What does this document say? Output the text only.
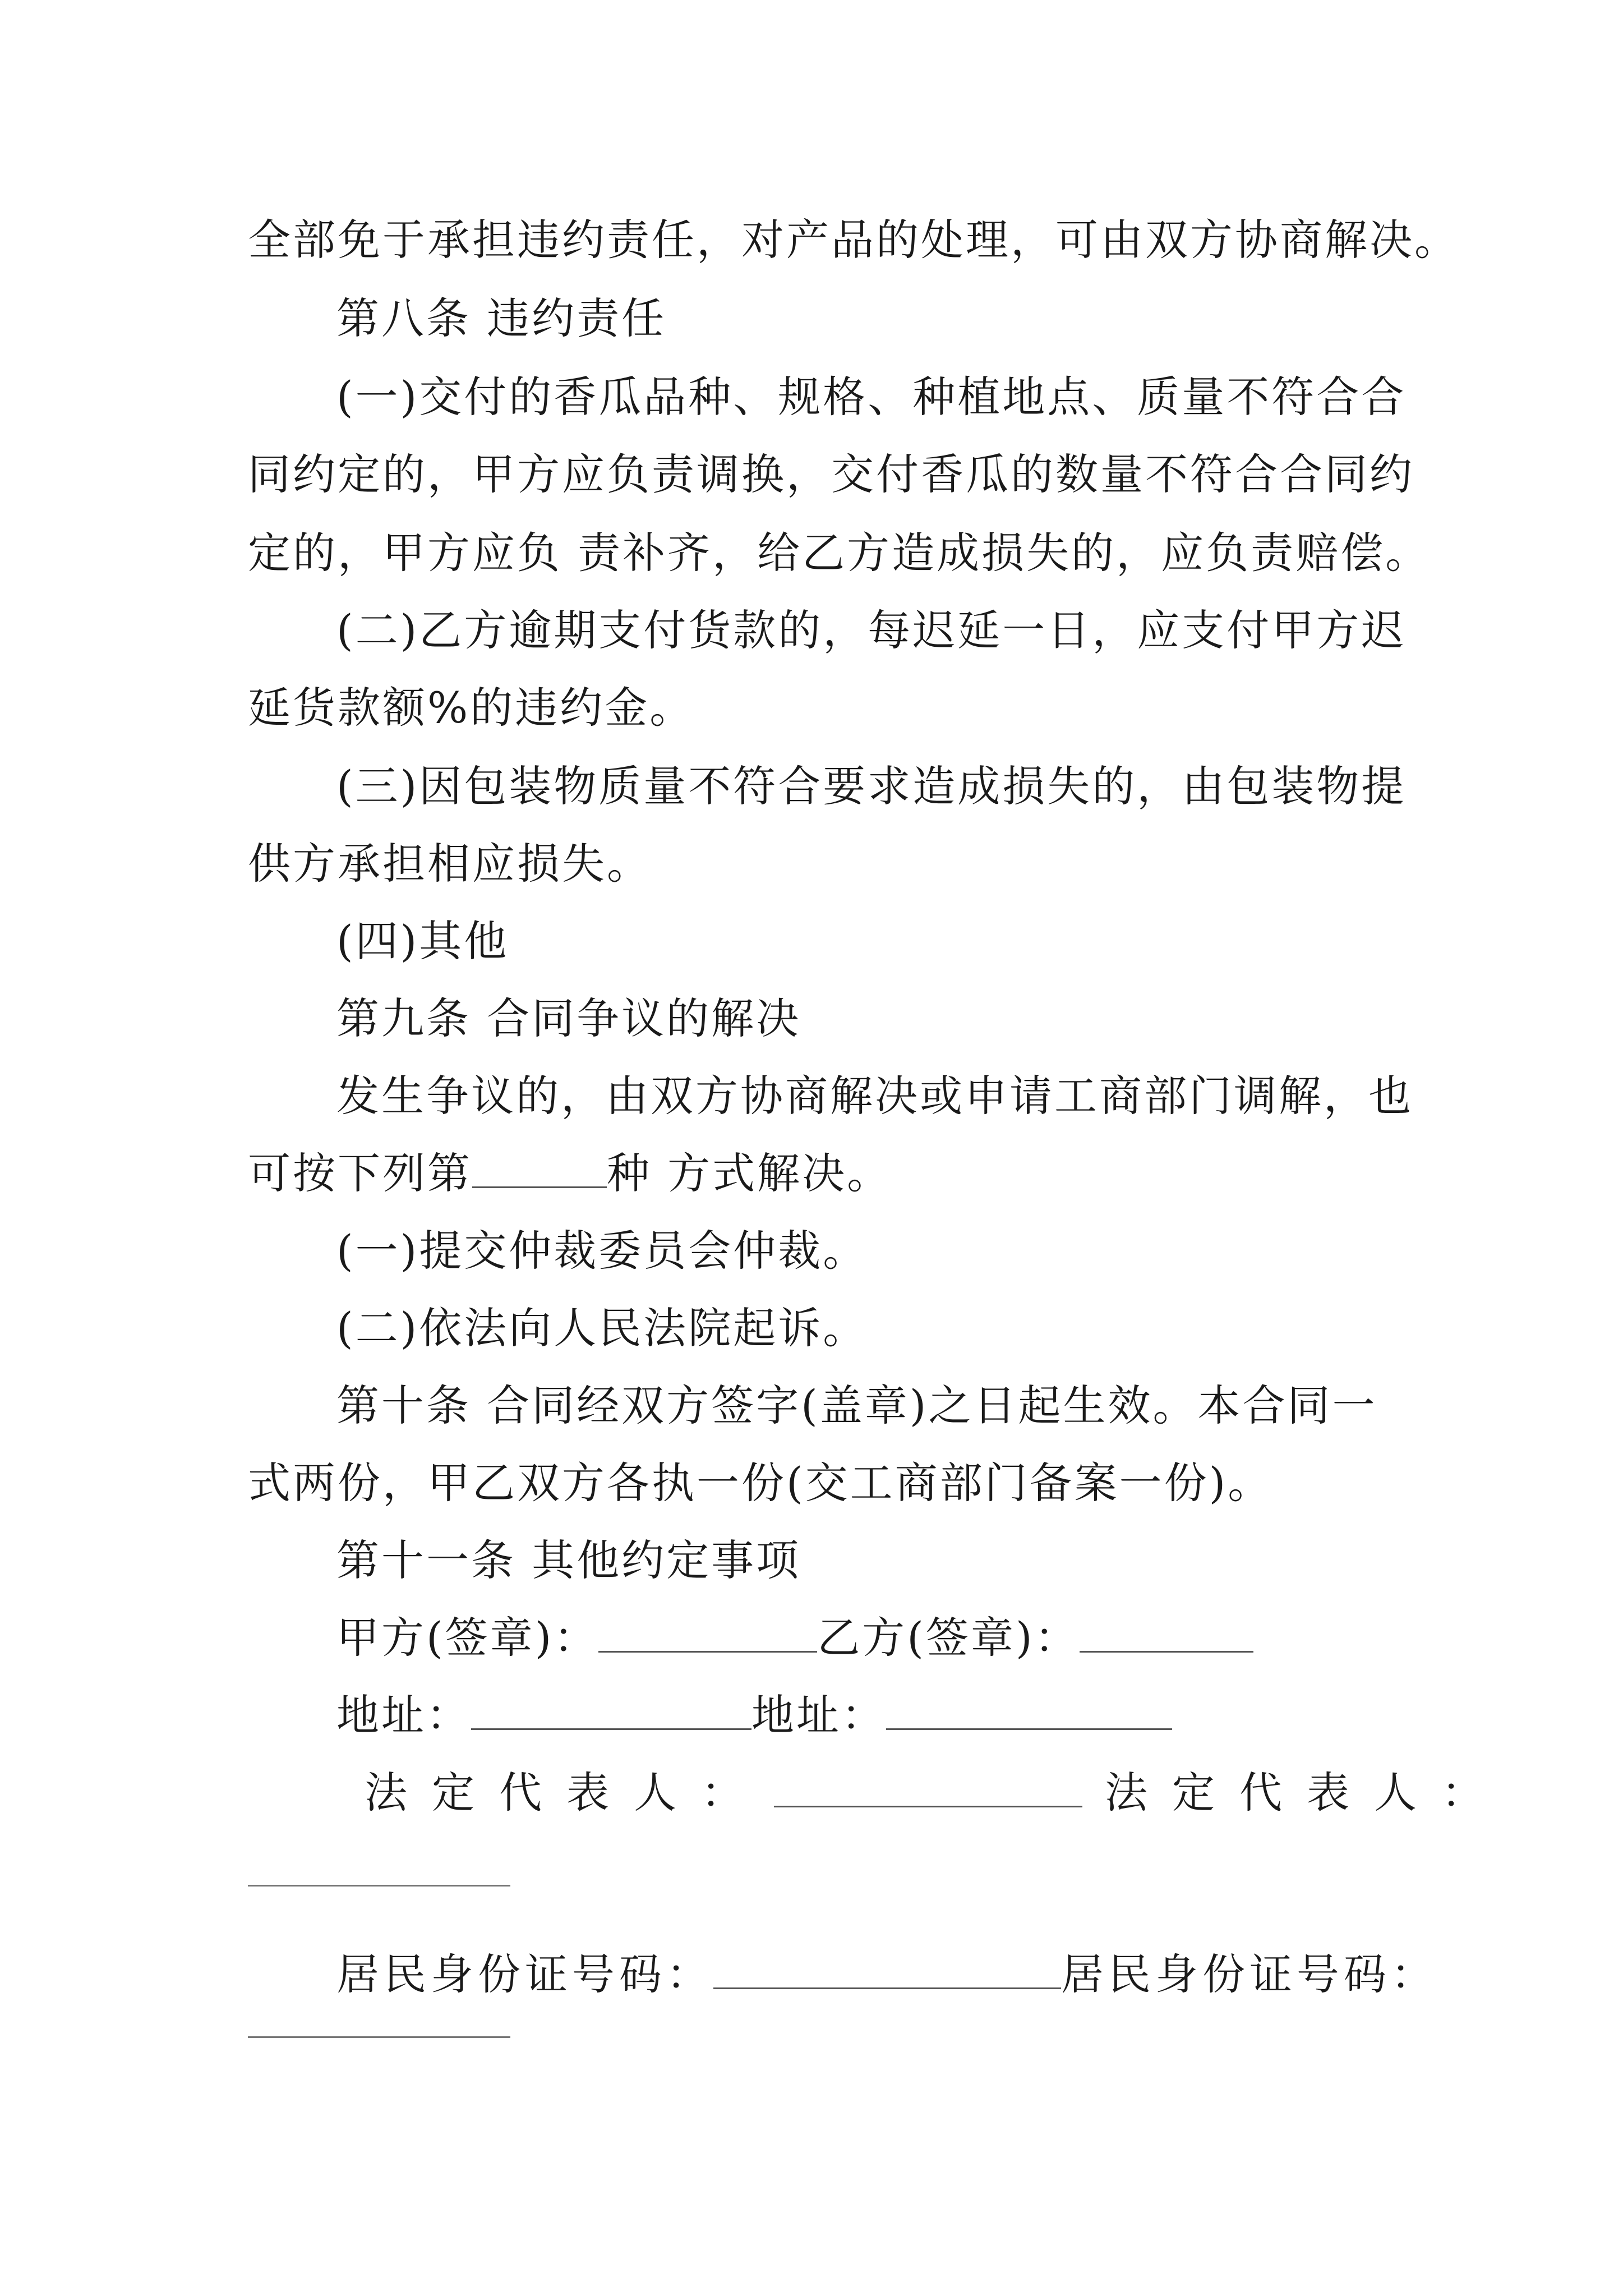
全部免于承担违约责任，对产品的处理，可由双方协商解决。
第八条 违约责任
(一)交付的香瓜品种、规格、种植地点、质量不符合合
同约定的，甲方应负责调换，交付香瓜的数量不符合合同约
定的，甲方应负 责补齐，给乙方造成损失的，应负责赔偿。
(二)乙方逾期支付货款的，每迟延一日，应支付甲方迟
延货款额%的违约金。
(三)因包装物质量不符合要求造成损失的，由包装物提
供方承担相应损失。
(四)其他
第九条 合同争议的解决
发生争议的，由双方协商解决或申请工商部门调解，也
可按下列第	种 方式解决。
(一)提交仲裁委员会仲裁。
(二)依法向人民法院起诉。
第十条 合同经双方签字(盖章)之日起生效。本合同一
式两份，甲乙双方各执一份(交工商部门备案一份)。
第十一条 其他约定事项
甲方(签章)：	乙方(签章)：
地址：	地址：
法定代表人：	法定代表人：
居民身份证号码：	居民身份证号码：
